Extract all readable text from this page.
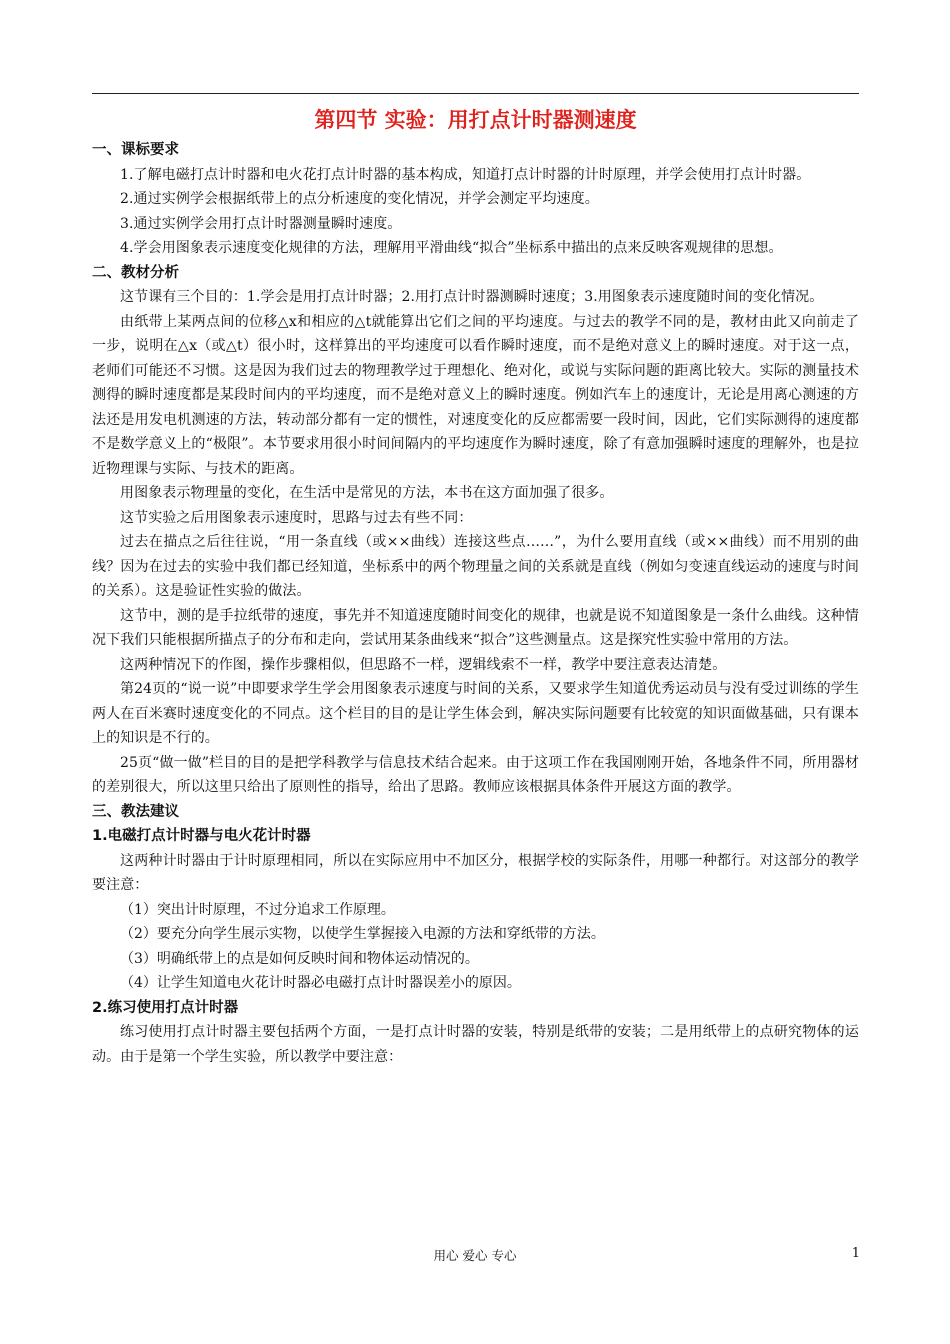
第四节 实验：用打点计时器测速度
一、课标要求

1.了解电磁打点计时器和电火花打点计时器的基本构成，知道打点计时器的计时原理，并学会使用打点计时器。

2.通过实例学会根据纸带上的点分析速度的变化情况，并学会测定平均速度。

3.通过实例学会用打点计时器测量瞬时速度。

4.学会用图象表示速度变化规律的方法，理解用平滑曲线“拟合”坐标系中描出的点来反映客观规律的思想。

二、教材分析

这节课有三个目的：1.学会是用打点计时器；2.用打点计时器测瞬时速度；3.用图象表示速度随时间的变化情况。

由纸带上某两点间的位移△x和相应的△t就能算出它们之间的平均速度。与过去的教学不同的是，教材由此又向前走了一步，说明在△x（或△t）很小时，这样算出的平均速度可以看作瞬时速度，而不是绝对意义上的瞬时速度。对于这一点，老师们可能还不习惯。这是因为我们过去的物理教学过于理想化、绝对化，或说与实际问题的距离比较大。实际的测量技术测得的瞬时速度都是某段时间内的平均速度，而不是绝对意义上的瞬时速度。例如汽车上的速度计，无论是用离心测速的方法还是用发电机测速的方法，转动部分都有一定的惯性，对速度变化的反应都需要一段时间，因此，它们实际测得的速度都不是数学意义上的“极限”。本节要求用很小时间间隔内的平均速度作为瞬时速度，除了有意加强瞬时速度的理解外，也是拉近物理课与实际、与技术的距离。

用图象表示物理量的变化，在生活中是常见的方法，本书在这方面加强了很多。

这节实验之后用图象表示速度时，思路与过去有些不同：

过去在描点之后往往说，“用一条直线（或××曲线）连接这些点……”，为什么要用直线（或××曲线）而不用别的曲线？因为在过去的实验中我们都已经知道，坐标系中的两个物理量之间的关系就是直线（例如匀变速直线运动的速度与时间的关系）。这是验证性实验的做法。

这节中，测的是手拉纸带的速度，事先并不知道速度随时间变化的规律，也就是说不知道图象是一条什么曲线。这种情况下我们只能根据所描点子的分布和走向，尝试用某条曲线来“拟合”这些测量点。这是探究性实验中常用的方法。

这两种情况下的作图，操作步骤相似，但思路不一样，逻辑线索不一样，教学中要注意表达清楚。

第24页的“说一说”中即要求学生学会用图象表示速度与时间的关系，又要求学生知道优秀运动员与没有受过训练的学生两人在百米赛时速度变化的不同点。这个栏目的目的是让学生体会到，解决实际问题要有比较宽的知识面做基础，只有课本上的知识是不行的。

25页“做一做”栏目的目的是把学科教学与信息技术结合起来。由于这项工作在我国刚刚开始，各地条件不同，所用器材的差别很大，所以这里只给出了原则性的指导，给出了思路。教师应该根据具体条件开展这方面的教学。

三、教法建议
1.电磁打点计时器与电火花计时器

这两种计时器由于计时原理相同，所以在实际应用中不加区分，根据学校的实际条件，用哪一种都行。对这部分的教学要注意：

（1）突出计时原理，不过分追求工作原理。

（2）要充分向学生展示实物，以使学生掌握接入电源的方法和穿纸带的方法。

（3）明确纸带上的点是如何反映时间和物体运动情况的。

（4）让学生知道电火花计时器必电磁打点计时器误差小的原因。

2.练习使用打点计时器

练习使用打点计时器主要包括两个方面，一是打点计时器的安装，特别是纸带的安装；二是用纸带上的点研究物体的运动。由于是第一个学生实验，所以教学中要注意：

用心 爱心 专心	1
